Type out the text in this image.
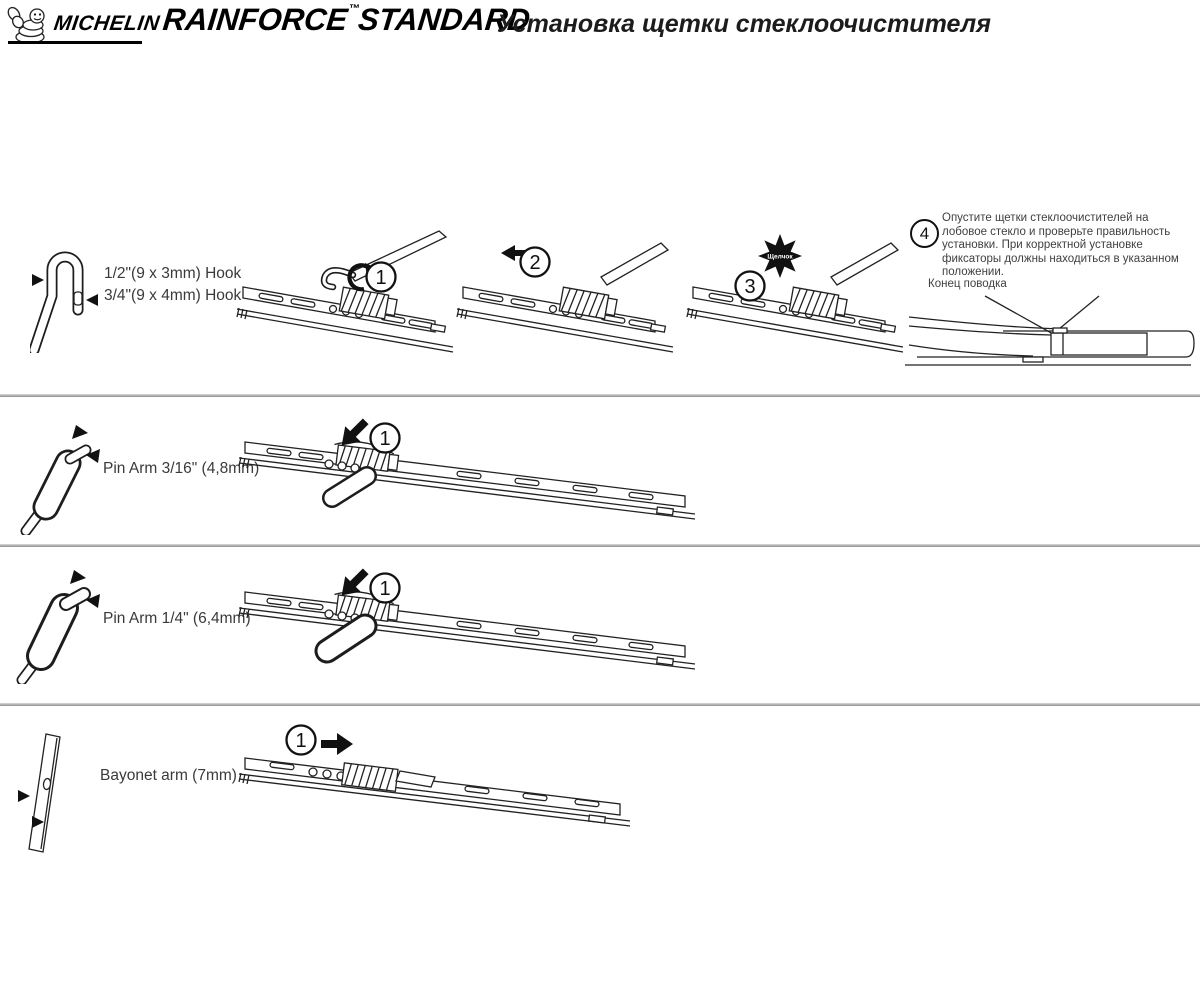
MICHELIN RAINFORCE™STANDARD
Установка щетки стеклоочистителя
1/2"(9 x 3mm) Hook
3/4"(9 x 4mm) Hook
1
2	Щелчок
3
4
Опустите щетки стеклоочистителей на лобовое стекло и проверьте правильность установки. При корректной установке фиксаторы должны находиться в указанном положении.
Конец поводка
Pin Arm 3/16" (4,8mm)
1
Pin Arm 1/4" (6,4mm)
1
Bayonet arm (7mm)
1
